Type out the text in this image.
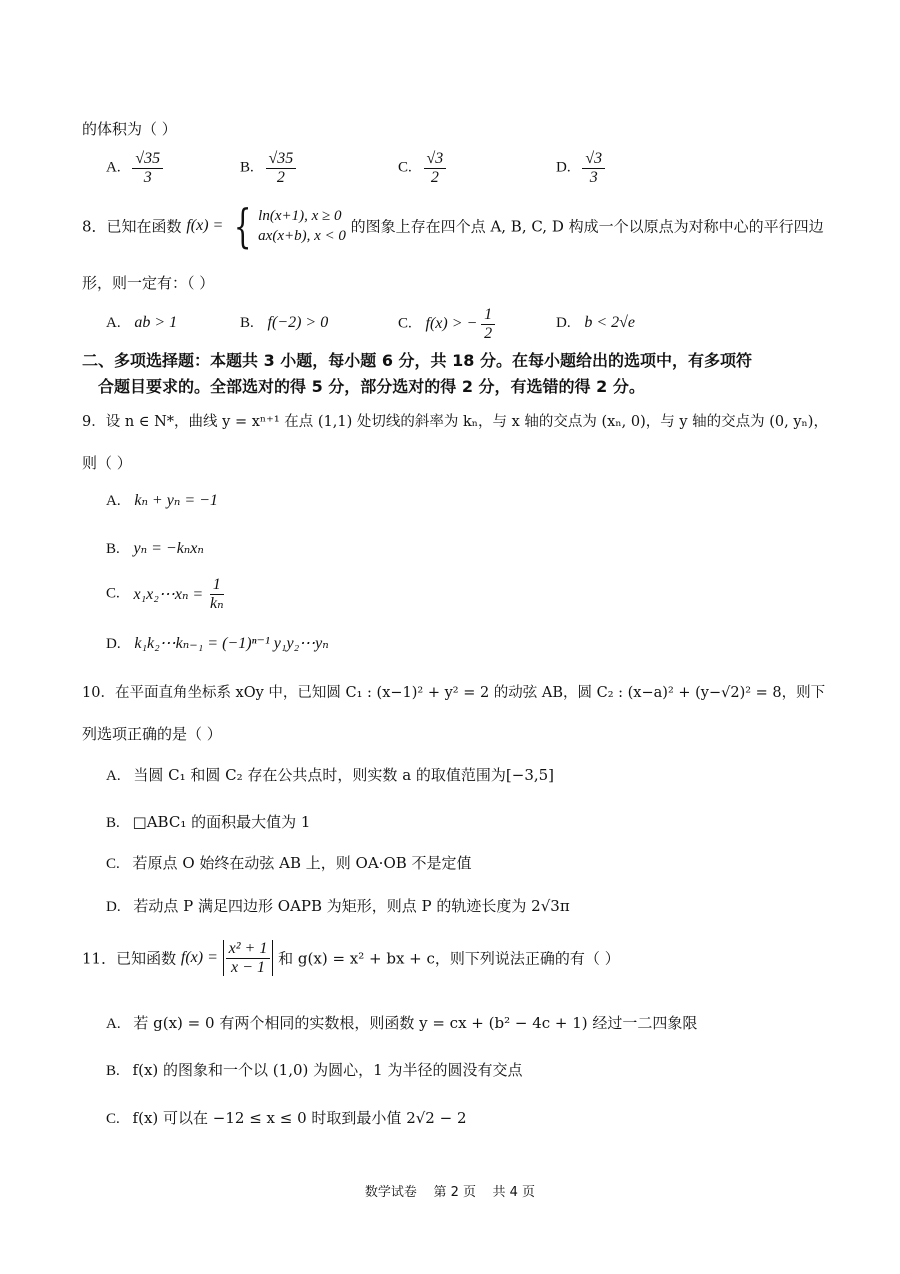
的体积为（ ）
A. $\frac{√35}{3}$	B. $\frac{√35}{2}$	C. $\frac{√3}{2}$	D. $\frac{√3}{3}$
8．已知在函数 f(x) = { ln(x+1), x ≥ 0
ax(x+b), x < 0
的图象上存在四个点 A, B, C, D 构成一个以原点为对称中心的平行四边
形，则一定有：（ ）
A. ab > 1	B. f(−2) > 0	C. f(x) > − $\frac{1}{2}$	D. b < 2√e
二、多项选择题：本题共 3 小题，每小题 6 分，共 18 分。在每小题给出的选项中，有多项符
合题目要求的。全部选对的得 5 分，部分选对的得 2 分，有选错的得 2 分。
9．设 n ∈ N*，曲线 y = xⁿ⁺¹ 在点 (1,1) 处切线的斜率为 kₙ，与 x 轴的交点为 (xₙ, 0)，与 y 轴的交点为 (0, yₙ)，
则（ ）
A. kₙ + yₙ = −1
B. yₙ = −kₙxₙ
C. x₁x₂⋯xₙ = $\frac{1}{\text{kₙ}}$
D. k₁k₂⋯kₙ₋₁ = (−1)ⁿ⁻¹ y₁y₂⋯yₙ
10．在平面直角坐标系 xOy 中，已知圆 C₁ : (x−1)² + y² = 2 的动弦 AB，圆 C₂ : (x−a)² + (y−√2)² = 8，则下
列选项正确的是（ ）
A. 当圆 C₁ 和圆 C₂ 存在公共点时，则实数 a 的取值范围为[−3,5]
B. □ABC₁ 的面积最大值为 1
C. 若原点 O 始终在动弦 AB 上，则 OA·OB 不是定值
D. 若动点 P 满足四边形 OAPB 为矩形，则点 P 的轨迹长度为 2√3π
11．已知函数 $f(x) = \frac{\text{x² + 1}}{x - 1}$ 和 g(x) = x² + bx + c，则下列说法正确的有（ ）
A. 若 g(x) = 0 有两个相同的实数根，则函数 y = cx + (b² − 4c + 1) 经过一二四象限
B. f(x) 的图象和一个以 (1,0) 为圆心，1 为半径的圆没有交点
C. f(x) 可以在 −12 ≤ x ≤ 0 时取到最小值 2√2 − 2
数学试卷    第 2 页    共 4 页
